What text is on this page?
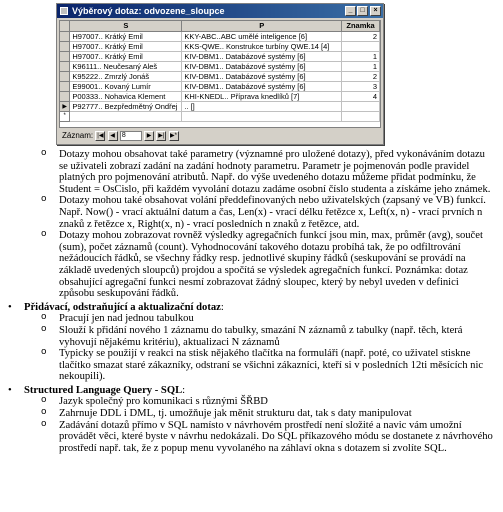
Výběrový dotaz: odvozene_sloupce	_	□	×
	S	P	Znamka
	H97007.. Krátký Emil	KKY-ABC..ABC umělé inteligence [6]	2
	H97007.. Krátký Emil	KKS-QWE.. Konstrukce turbíny QWE.14 [4]	
	H97007.. Krátký Emil	KIV-DBM1.. Databázové systémy [6]	1
	K96111.. Neučesaný Aleš	KIV-DBM1.. Databázové systémy [6]	1
	K95222.. Zmrzlý Jonáš	KIV-DBM1.. Databázové systémy [6]	2
	E99001.. Kovaný Lumír	KIV-DBM1.. Databázové systémy [6]	3
	P00333.. Nohavica Klement	KHI-KNEDL.. Příprava knedlíků [7]	4
▶	P92777.. Bezpředmětný Ondřej	.. []	
*			
Záznam: |◀ ◀ 8	▶ ▶| ▶*
o Dotazy mohou obsahovat také parametry (významné pro uložené dotazy), před vykonáváním dotazu se uživateli zobrazí zadání na zadání hodnoty parametru. Parametr je pojmenován podle pravidel platných pro pojmenování atributů. Např. do výše uvedeného dotazu můžeme přidat podmínku, že Student = OsCislo, při každém vyvolání dotazu zadáme osobní číslo studenta a získáme jeho známek.
o Dotazy mohou také obsahovat volání předdefinovaných nebo uživatelských (zapsaný ve VB) funkcí. Např. Now() - vrací aktuální datum a čas, Len(x) - vrací délku řetězce x, Left(x, n) - vrací prvních n znaků z řetězce x, Right(x, n) - vrací posledních n znaků z řetězce, atd.
o Dotazy mohou zobrazovat rovněž výsledky agregačních funkcí jsou min, max, průměr (avg), součet (sum), počet záznamů (count). Vyhodnocování takového dotazu probíhá tak, že po odfiltrování nežádoucích řádků, se všechny řádky resp. jednotlivé skupiny řádků (seskupování se provádí na základě uvedených sloupců) projdou a spočítá se výsledek agregačních funkcí. Poznámka: dotaz obsahující agregační funkci nesmí zobrazovat žádný sloupec, který by nebyl uveden v definici způsobu seskupování řádků.
• Přidávací, odstraňující a aktualizační dotaz:
o Pracují jen nad jednou tabulkou
o Slouží k přidání nového 1 záznamu do tabulky, smazání N záznamů z tabulky (např. těch, která vyhovují nějakému kritériu), aktualizaci N záznamů
o Typicky se použijí v reakci na stisk nějakého tlačítka na formuláři (např. poté, co uživatel stiskne tlačítko smazat staré zákazníky, odstraní se všichni zákazníci, kteří si v posledních 12ti měsících nic nekoupili).
• Structured Language Query - SQL:
o Jazyk společný pro komunikaci s různými ŠŘBD
o Zahrnuje DDL i DML, tj. umožňuje jak měnit strukturu dat, tak s daty manipulovat
o Zadávání dotazů přímo v SQL namísto v návrhovém prostředí není složité a navic vám umožní provádět věci, které byste v návrhu nedokázali. Do SQL příkazového módu se dostanete z návrhového prostředí např. tak, že z popup menu vyvolaného na záhlaví okna s dotazem si zvolíte SQL.
